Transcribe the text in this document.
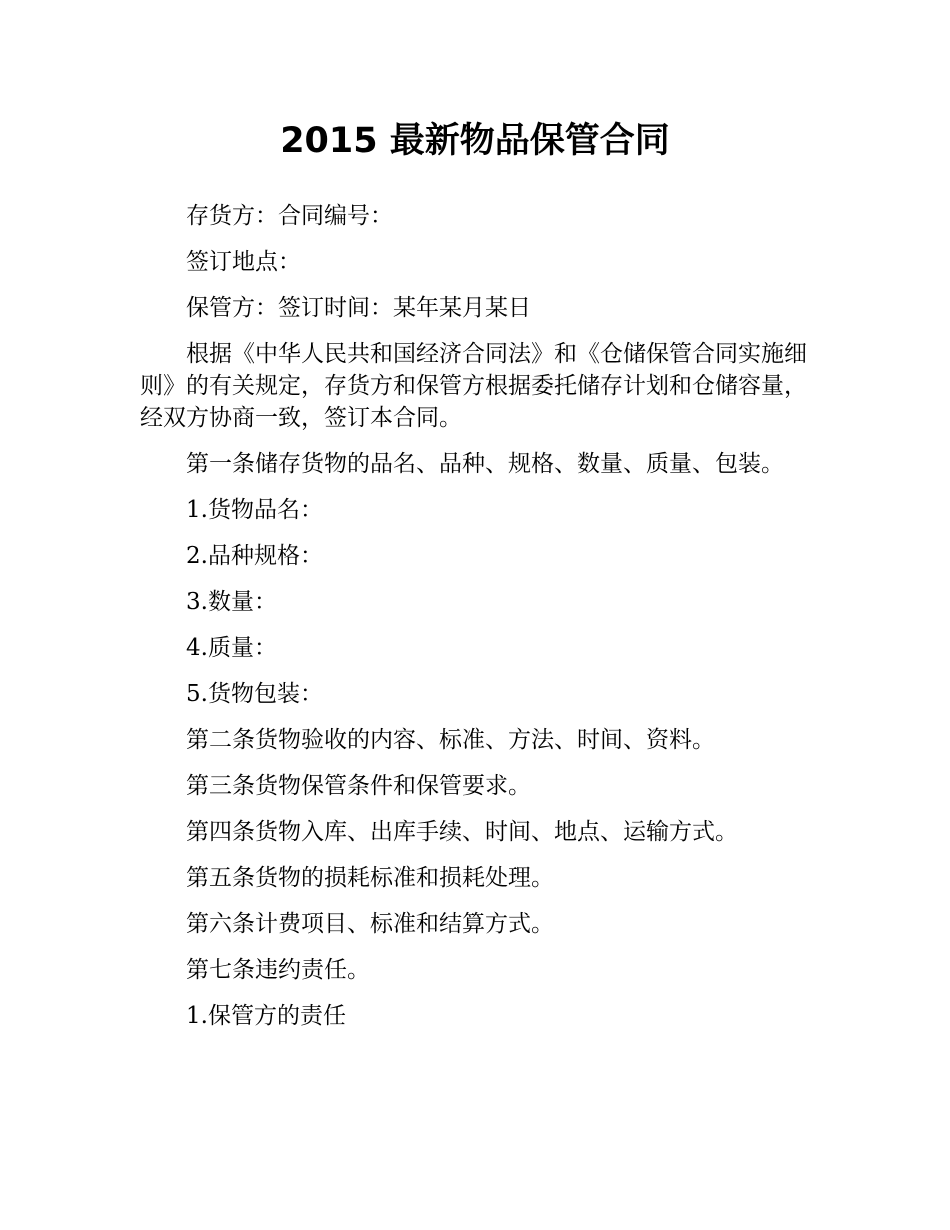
2015 最新物品保管合同

存货方：合同编号：

签订地点：

保管方：签订时间：某年某月某日

根据《中华人民共和国经济合同法》和《仓储保管合同实施细则》的有关规定，存货方和保管方根据委托储存计划和仓储容量，经双方协商一致，签订本合同。

第一条储存货物的品名、品种、规格、数量、质量、包装。

1.货物品名：

2.品种规格：

3.数量：

4.质量：

5.货物包装：

第二条货物验收的内容、标准、方法、时间、资料。

第三条货物保管条件和保管要求。

第四条货物入库、出库手续、时间、地点、运输方式。

第五条货物的损耗标准和损耗处理。

第六条计费项目、标准和结算方式。

第七条违约责任。

1.保管方的责任
